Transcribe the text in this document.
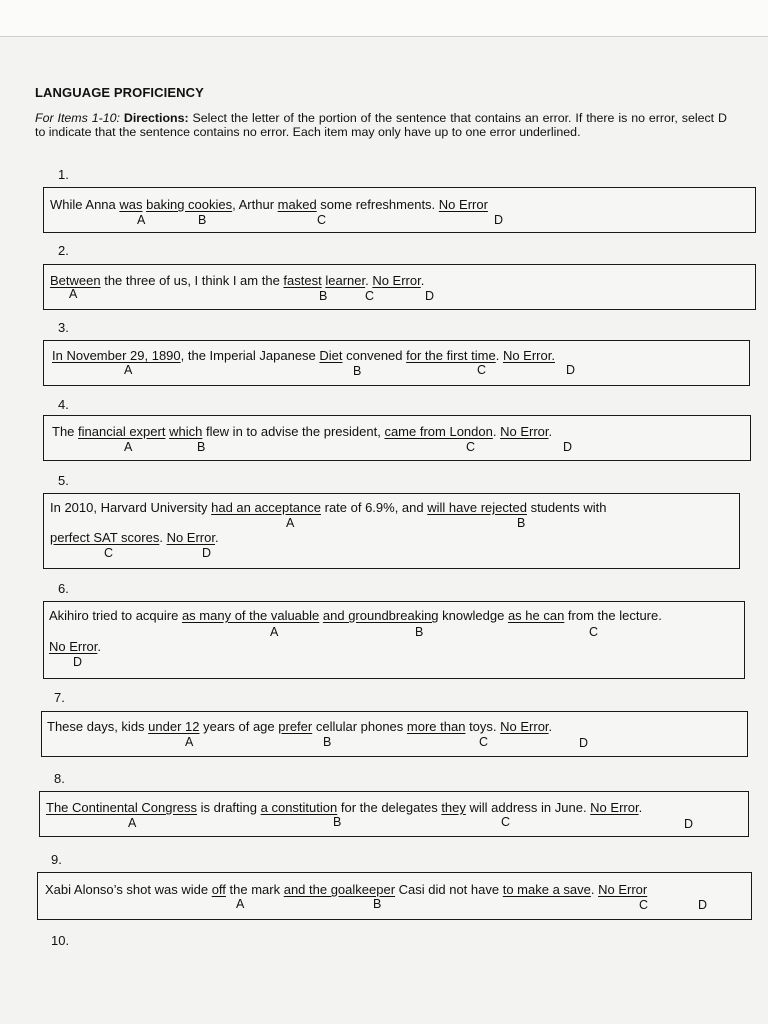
LANGUAGE PROFICIENCY
For Items 1-10: Directions: Select the letter of the portion of the sentence that contains an error. If there is no error, select D to indicate that the sentence contains no error. Each item may only have up to one error underlined.
1.
While Anna was baking cookies, Arthur maked some refreshments. No Error
A	B	C	D
2.
Between the three of us, I think I am the fastest learner. No Error.
A	B	C	D
3.
In November 29, 1890, the Imperial Japanese Diet convened for the first time. No Error.
A	B	C	D
4.
The financial expert which flew in to advise the president, came from London. No Error.
A	B	C	D
5.
In 2010, Harvard University had an acceptance rate of 6.9%, and will have rejected students with
perfect SAT scores. No Error.
A	B
C	D
6.
Akihiro tried to acquire as many of the valuable and groundbreaking knowledge as he can from the lecture.
No Error.
A	B	C
D
7.
These days, kids under 12 years of age prefer cellular phones more than toys. No Error.
A	B	C	D
8.
The Continental Congress is drafting a constitution for the delegates they will address in June. No Error.
A	B	C	D
9.
Xabi Alonso’s shot was wide off the mark and the goalkeeper Casi did not have to make a save. No Error
A	B	C	D
10.
